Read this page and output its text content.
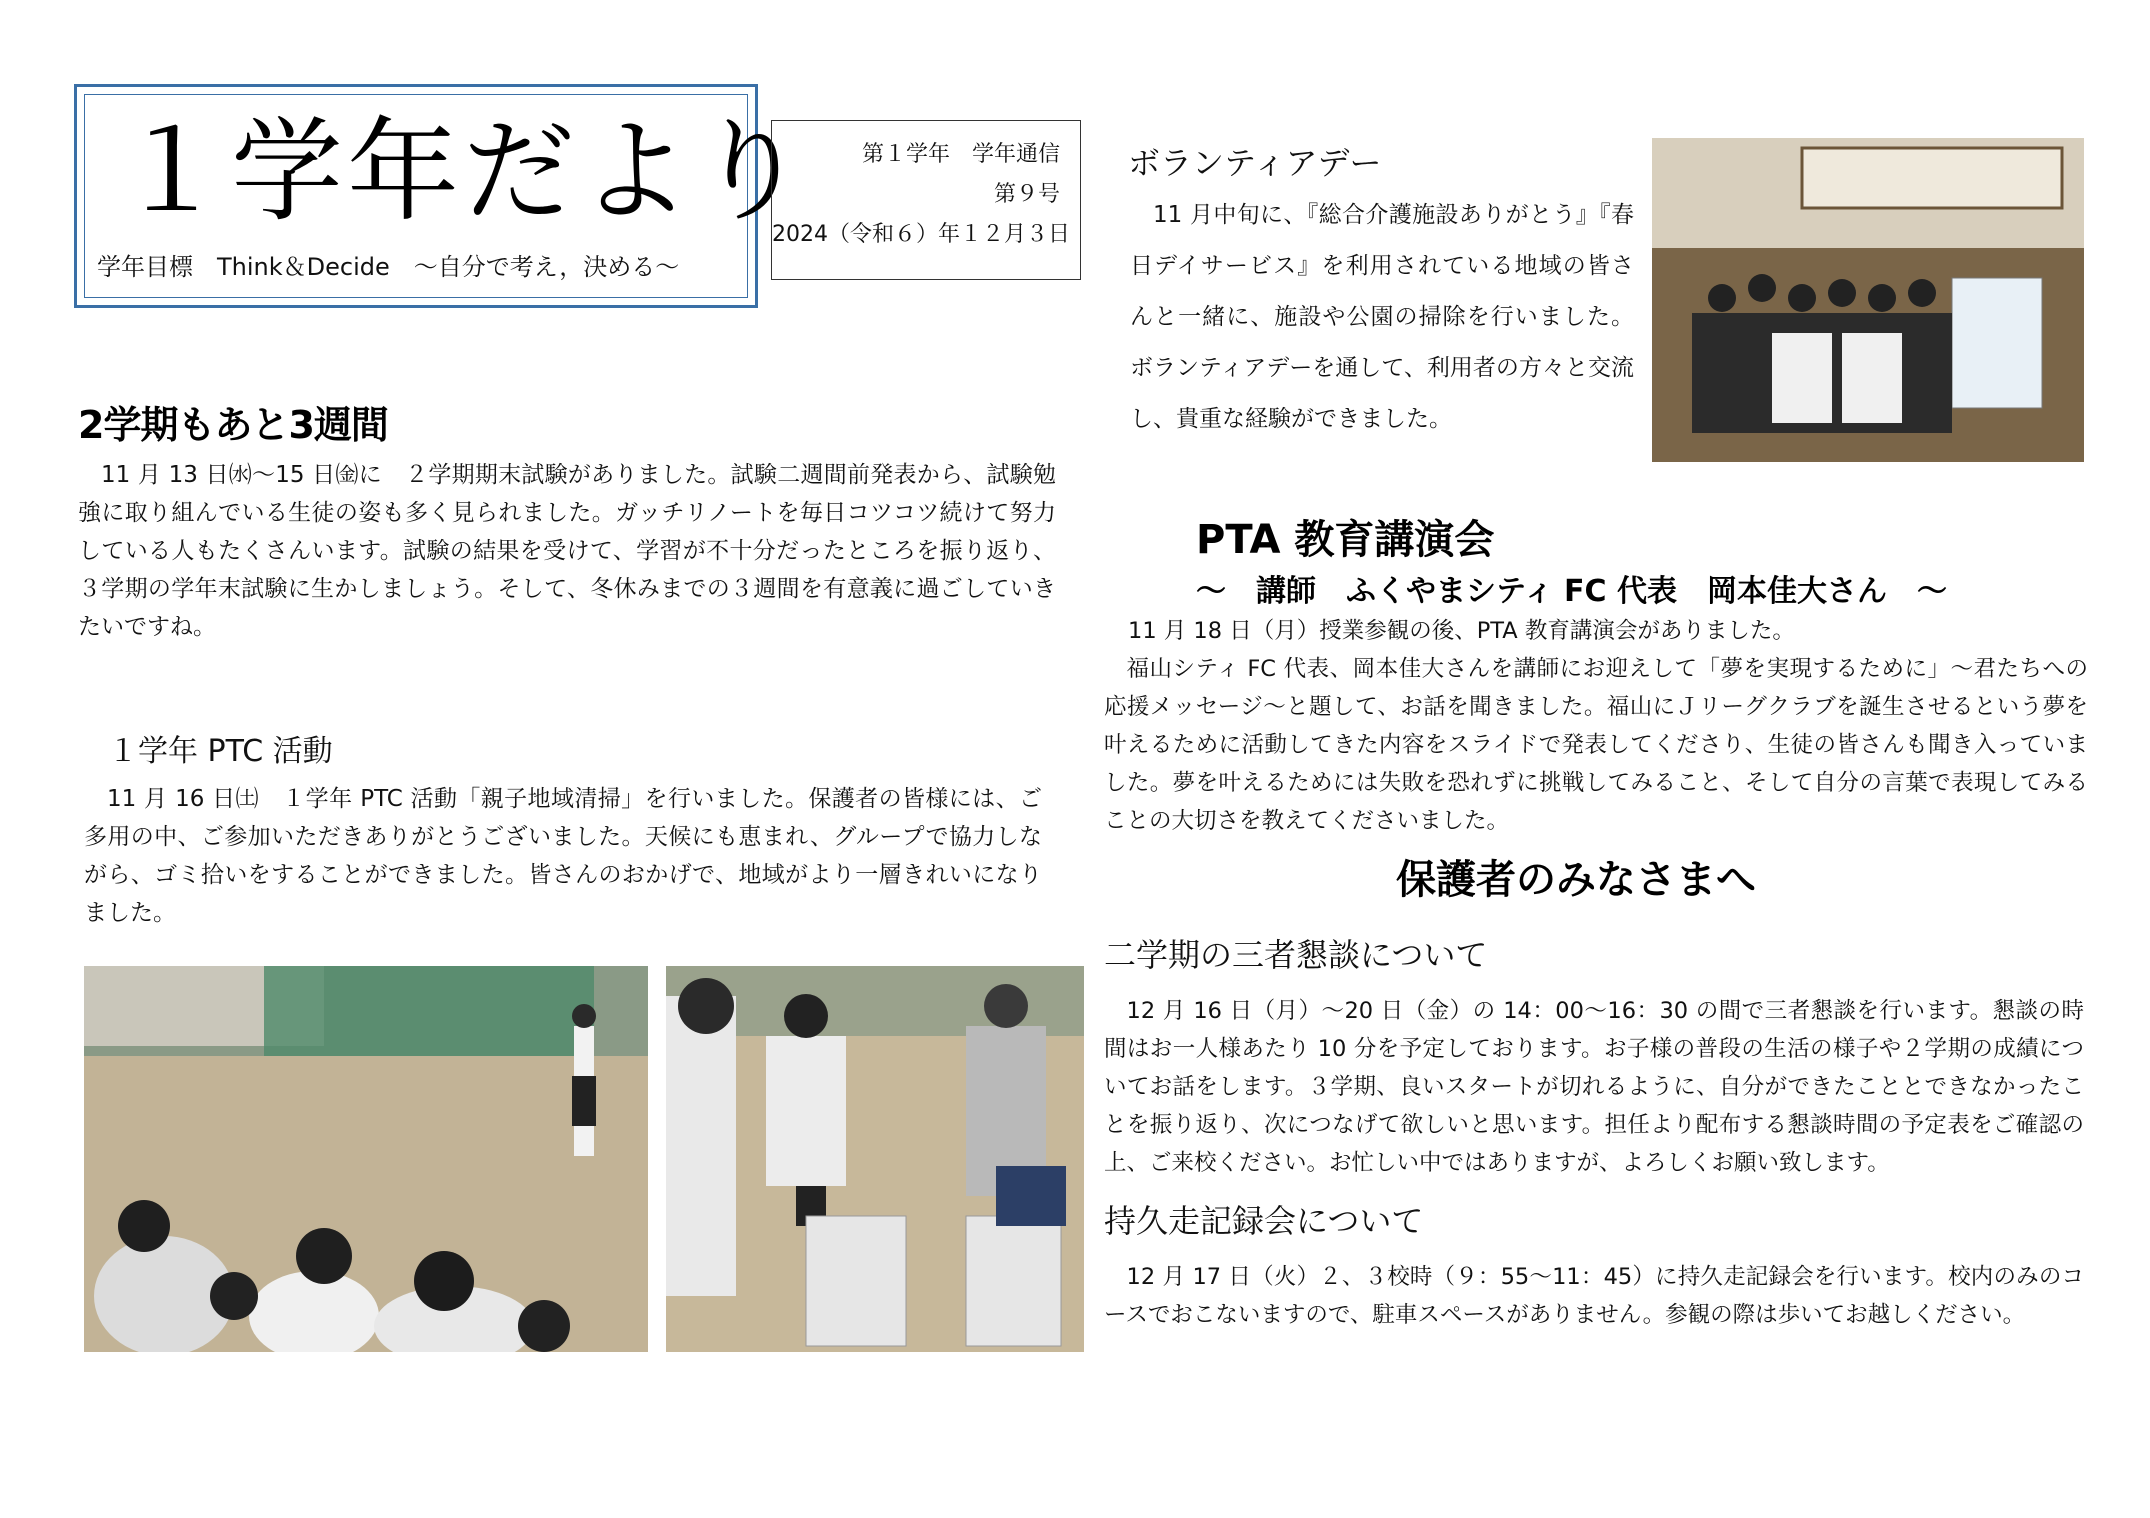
１学年だより
学年目標　Think＆Decide　～自分で考え，決める～
第１学年　学年通信
第９号
2024（令和６）年１２月３日
2学期もあと3週間
11 月 13 日㈬～15 日㈮に　２学期期末試験がありました。試験二週間前発表から、試験勉強に取り組んでいる生徒の姿も多く見られました。ガッチリノートを毎日コツコツ続けて努力している人もたくさんいます。試験の結果を受けて、学習が不十分だったところを振り返り、３学期の学年末試験に生かしましょう。そして、冬休みまでの３週間を有意義に過ごしていきたいですね。
１学年 PTC 活動
11 月 16 日㈯　１学年 PTC 活動「親子地域清掃」を行いました。保護者の皆様には、ご多用の中、ご参加いただきありがとうございました。天候にも恵まれ、グループで協力しながら、ゴミ拾いをすることができました。皆さんのおかげで、地域がより一層きれいになりました。
ボランティアデー
11 月中旬に、『総合介護施設ありがとう』『春日デイサービス』を利用されている地域の皆さんと一緒に、施設や公園の掃除を行いました。ボランティアデーを通して、利用者の方々と交流し、貴重な経験ができました。
PTA 教育講演会
～　講師　ふくやまシティ FC 代表　岡本佳大さん　～
11 月 18 日（月）授業参観の後、PTA 教育講演会がありました。
福山シティ FC 代表、岡本佳大さんを講師にお迎えして「夢を実現するために」～君たちへの応援メッセージ～と題して、お話を聞きました。福山にＪリーグクラブを誕生させるという夢を叶えるために活動してきた内容をスライドで発表してくださり、生徒の皆さんも聞き入っていました。夢を叶えるためには失敗を恐れずに挑戦してみること、そして自分の言葉で表現してみることの大切さを教えてくださいました。
保護者のみなさまへ
二学期の三者懇談について
12 月 16 日（月）～20 日（金）の 14：00～16：30 の間で三者懇談を行います。懇談の時間はお一人様あたり 10 分を予定しております。お子様の普段の生活の様子や２学期の成績についてお話をします。３学期、良いスタートが切れるように、自分ができたこととできなかったことを振り返り、次につなげて欲しいと思います。担任より配布する懇談時間の予定表をご確認の上、ご来校ください。お忙しい中ではありますが、よろしくお願い致します。
持久走記録会について
12 月 17 日（火）２、３校時（９：55～11：45）に持久走記録会を行います。校内のみのコースでおこないますので、駐車スペースがありません。参観の際は歩いてお越しください。
